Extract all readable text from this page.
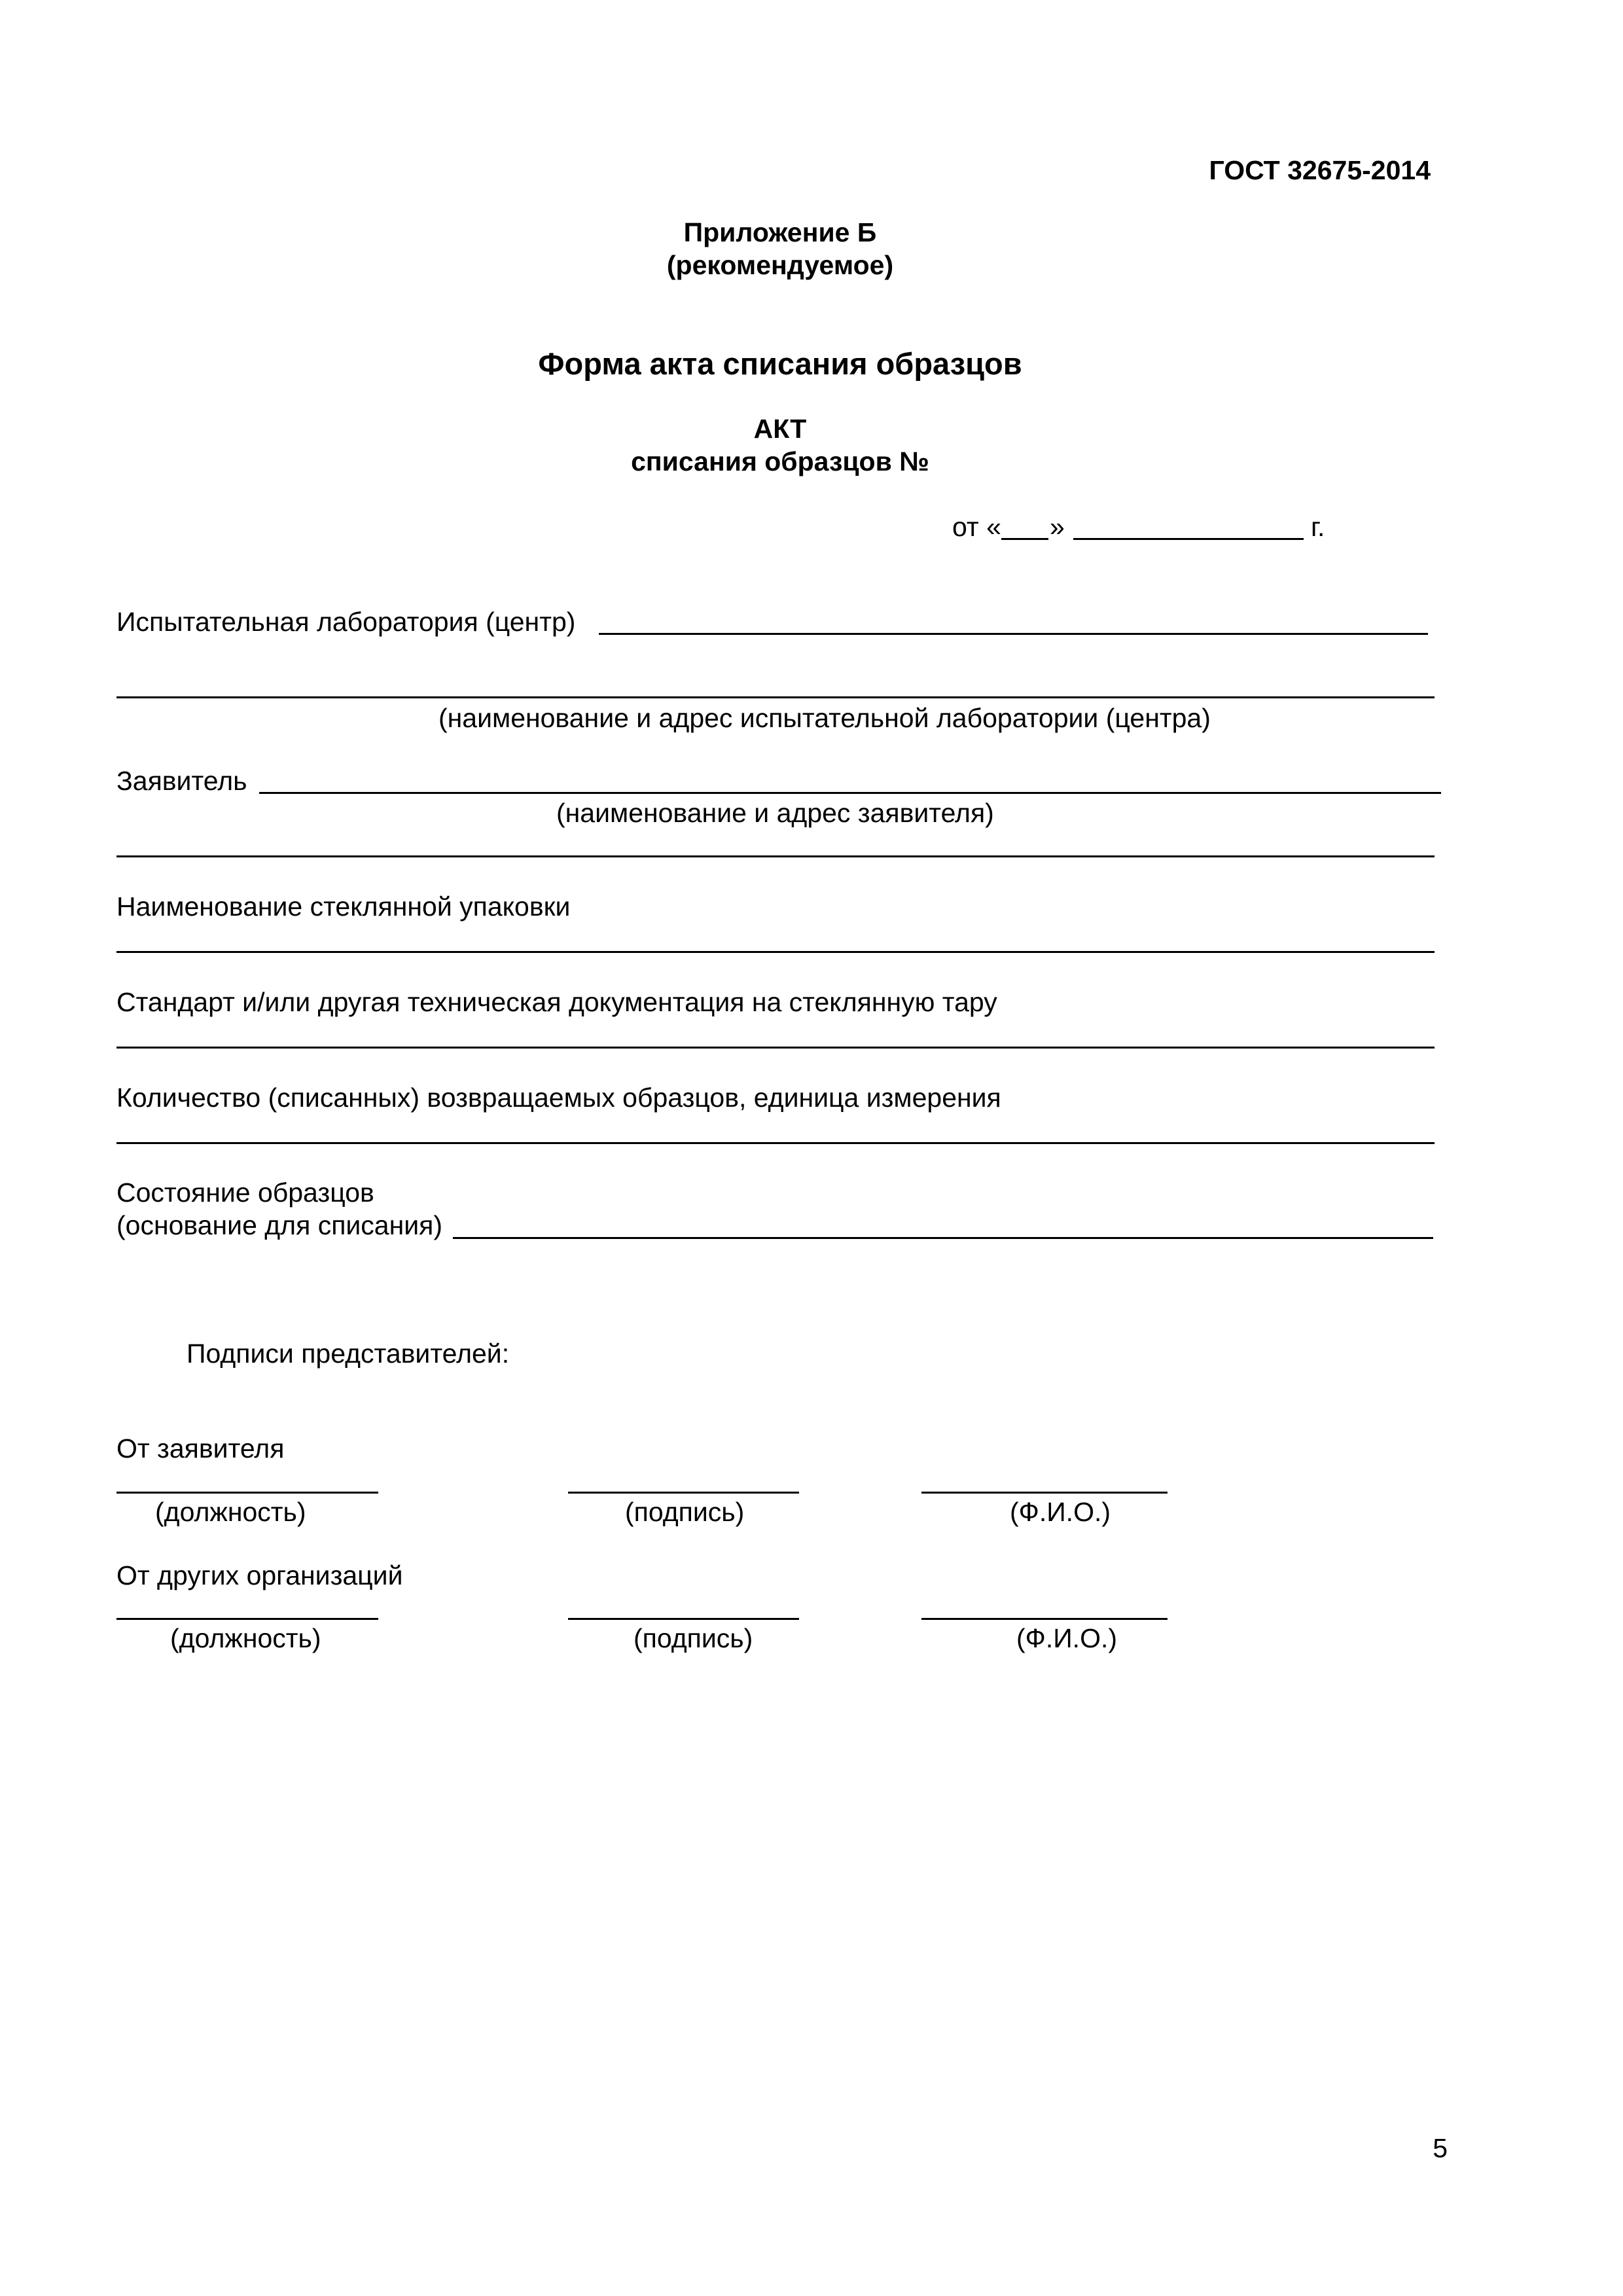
ГОСТ 32675-2014
Приложение Б
(рекомендуемое)
Форма акта списания образцов
АКТ
списания образцов №
от « »	г.
Испытательная лаборатория (центр)
(наименование и адрес испытательной лаборатории (центра)
Заявитель
(наименование и адрес заявителя)
Наименование стеклянной упаковки
Стандарт и/или другая техническая документация на стеклянную тару
Количество (списанных) возвращаемых образцов, единица измерения
Состояние образцов
(основание для списания)
Подписи представителей:
От заявителя
(должность)	(подпись)	(Ф.И.О.)
От других организаций
(должность)	(подпись)	(Ф.И.О.)
5
